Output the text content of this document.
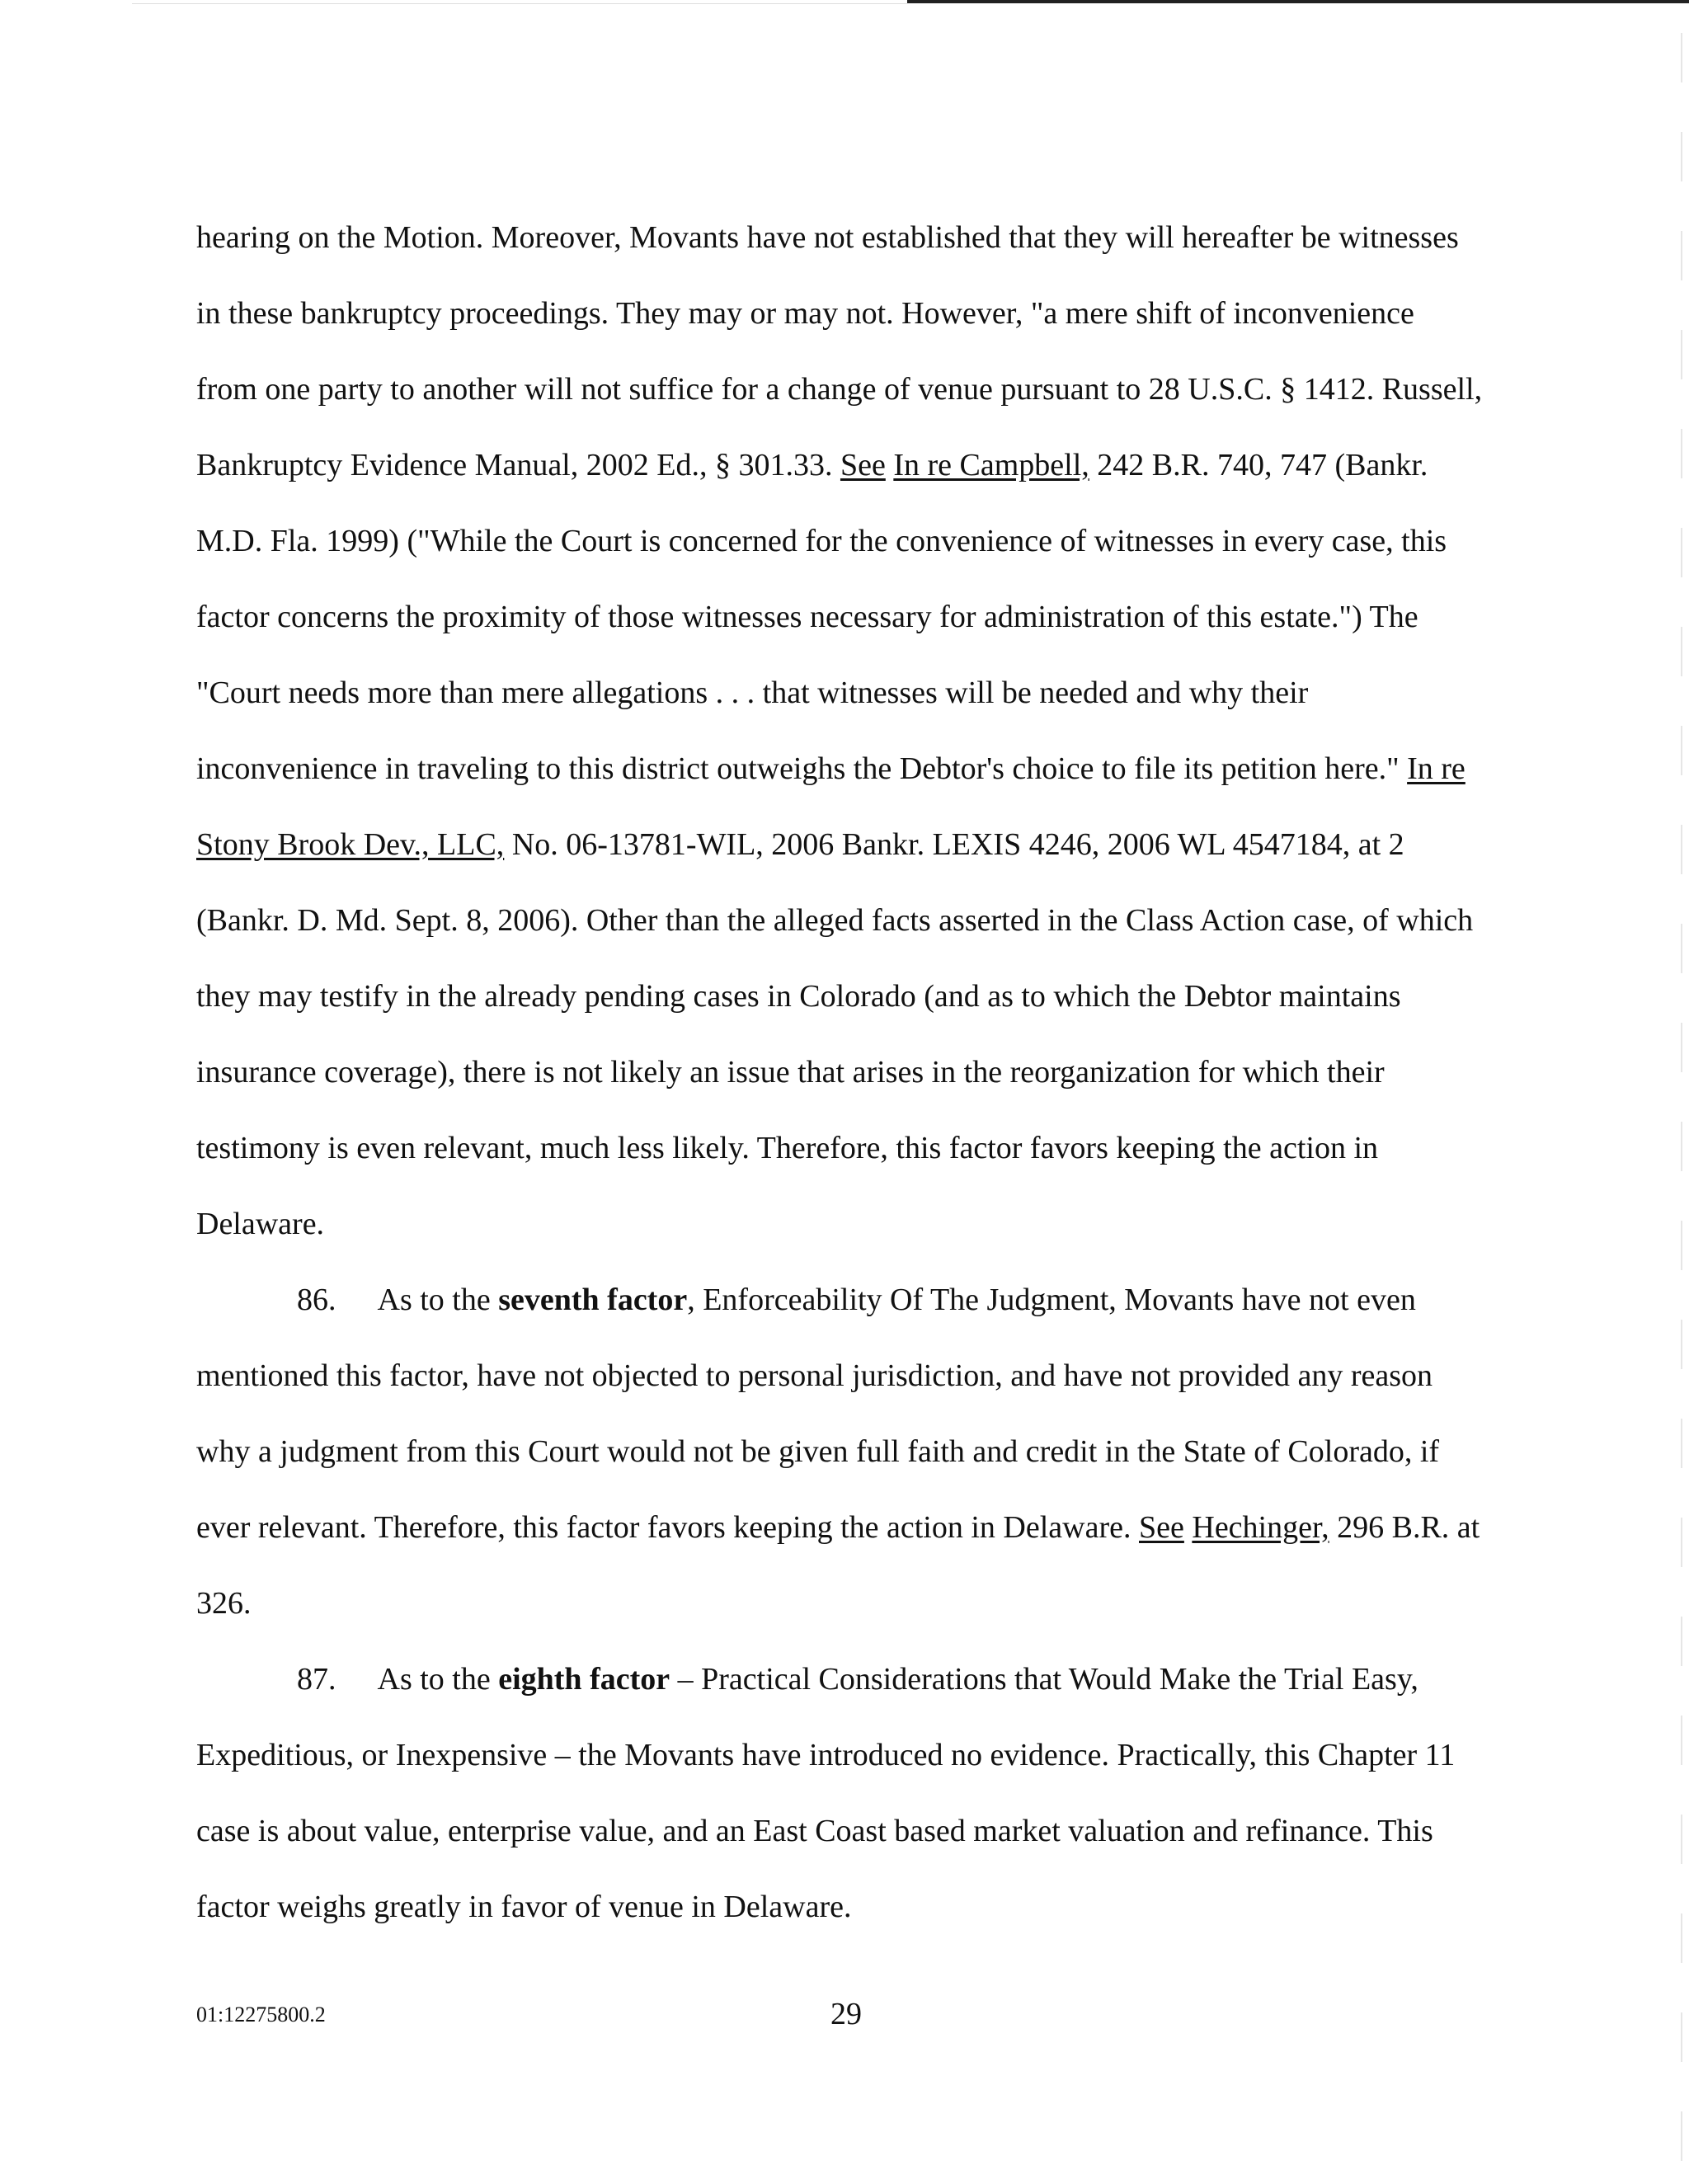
hearing on the Motion. Moreover, Movants have not established that they will hereafter be witnesses in these bankruptcy proceedings. They may or may not. However, "a mere shift of inconvenience from one party to another will not suffice for a change of venue pursuant to 28 U.S.C. § 1412. Russell, Bankruptcy Evidence Manual, 2002 Ed., § 301.33. See In re Campbell, 242 B.R. 740, 747 (Bankr. M.D. Fla. 1999) ("While the Court is concerned for the convenience of witnesses in every case, this factor concerns the proximity of those witnesses necessary for administration of this estate.") The "Court needs more than mere allegations . . . that witnesses will be needed and why their inconvenience in traveling to this district outweighs the Debtor's choice to file its petition here." In re Stony Brook Dev., LLC, No. 06-13781-WIL, 2006 Bankr. LEXIS 4246, 2006 WL 4547184, at 2 (Bankr. D. Md. Sept. 8, 2006). Other than the alleged facts asserted in the Class Action case, of which they may testify in the already pending cases in Colorado (and as to which the Debtor maintains insurance coverage), there is not likely an issue that arises in the reorganization for which their testimony is even relevant, much less likely. Therefore, this factor favors keeping the action in Delaware.

86. As to the seventh factor, Enforceability Of The Judgment, Movants have not even mentioned this factor, have not objected to personal jurisdiction, and have not provided any reason why a judgment from this Court would not be given full faith and credit in the State of Colorado, if ever relevant. Therefore, this factor favors keeping the action in Delaware. See Hechinger, 296 B.R. at 326.

87. As to the eighth factor – Practical Considerations that Would Make the Trial Easy, Expeditious, or Inexpensive – the Movants have introduced no evidence. Practically, this Chapter 11 case is about value, enterprise value, and an East Coast based market valuation and refinance. This factor weighs greatly in favor of venue in Delaware.

01:12275800.2	29
